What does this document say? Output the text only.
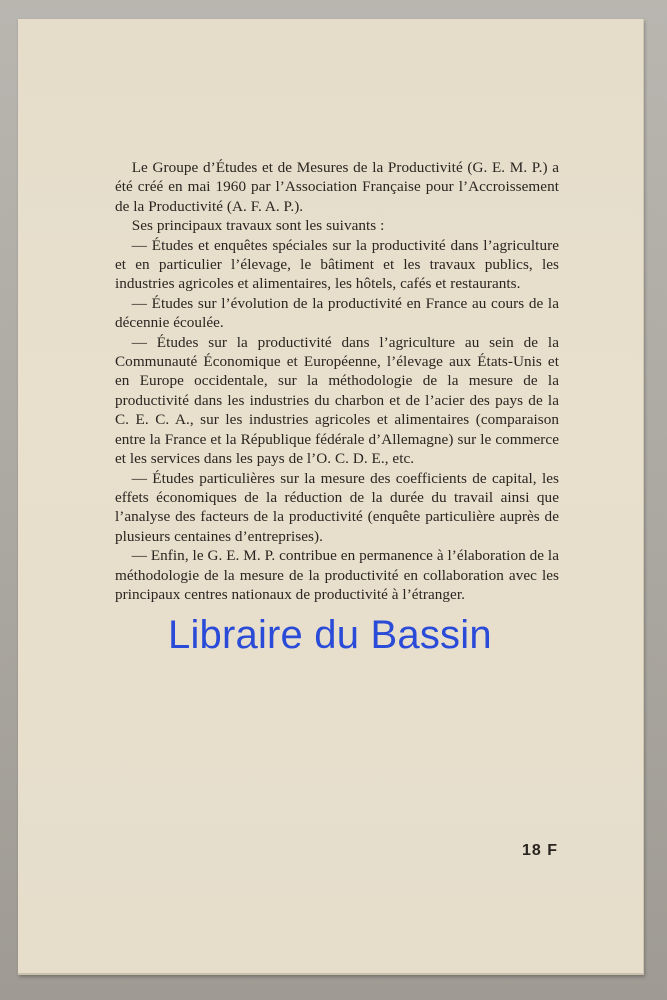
Le Groupe d’Études et de Mesures de la Productivité (G. E. M. P.) a été créé en mai 1960 par l’Association Française pour l’Accroissement de la Productivité (A. F. A. P.).

Ses principaux travaux sont les suivants :

— Études et enquêtes spéciales sur la productivité dans l’agriculture et en particulier l’élevage, le bâtiment et les travaux publics, les industries agricoles et alimentaires, les hôtels, cafés et restaurants.

— Études sur l’évolution de la productivité en France au cours de la décennie écoulée.

— Études sur la productivité dans l’agriculture au sein de la Communauté Économique et Européenne, l’élevage aux États-Unis et en Europe occidentale, sur la méthodologie de la mesure de la productivité dans les industries du charbon et de l’acier des pays de la C. E. C. A., sur les industries agricoles et alimentaires (comparaison entre la France et la République fédérale d’Allemagne) sur le commerce et les services dans les pays de l’O. C. D. E., etc.

— Études particulières sur la mesure des coefficients de capital, les effets économiques de la réduction de la durée du travail ainsi que l’analyse des facteurs de la productivité (enquête particulière auprès de plusieurs centaines d’entreprises).

— Enfin, le G. E. M. P. contribue en permanence à l’élaboration de la méthodologie de la mesure de la productivité en collaboration avec les principaux centres nationaux de productivité à l’étranger.

18 F
Libraire du Bassin
